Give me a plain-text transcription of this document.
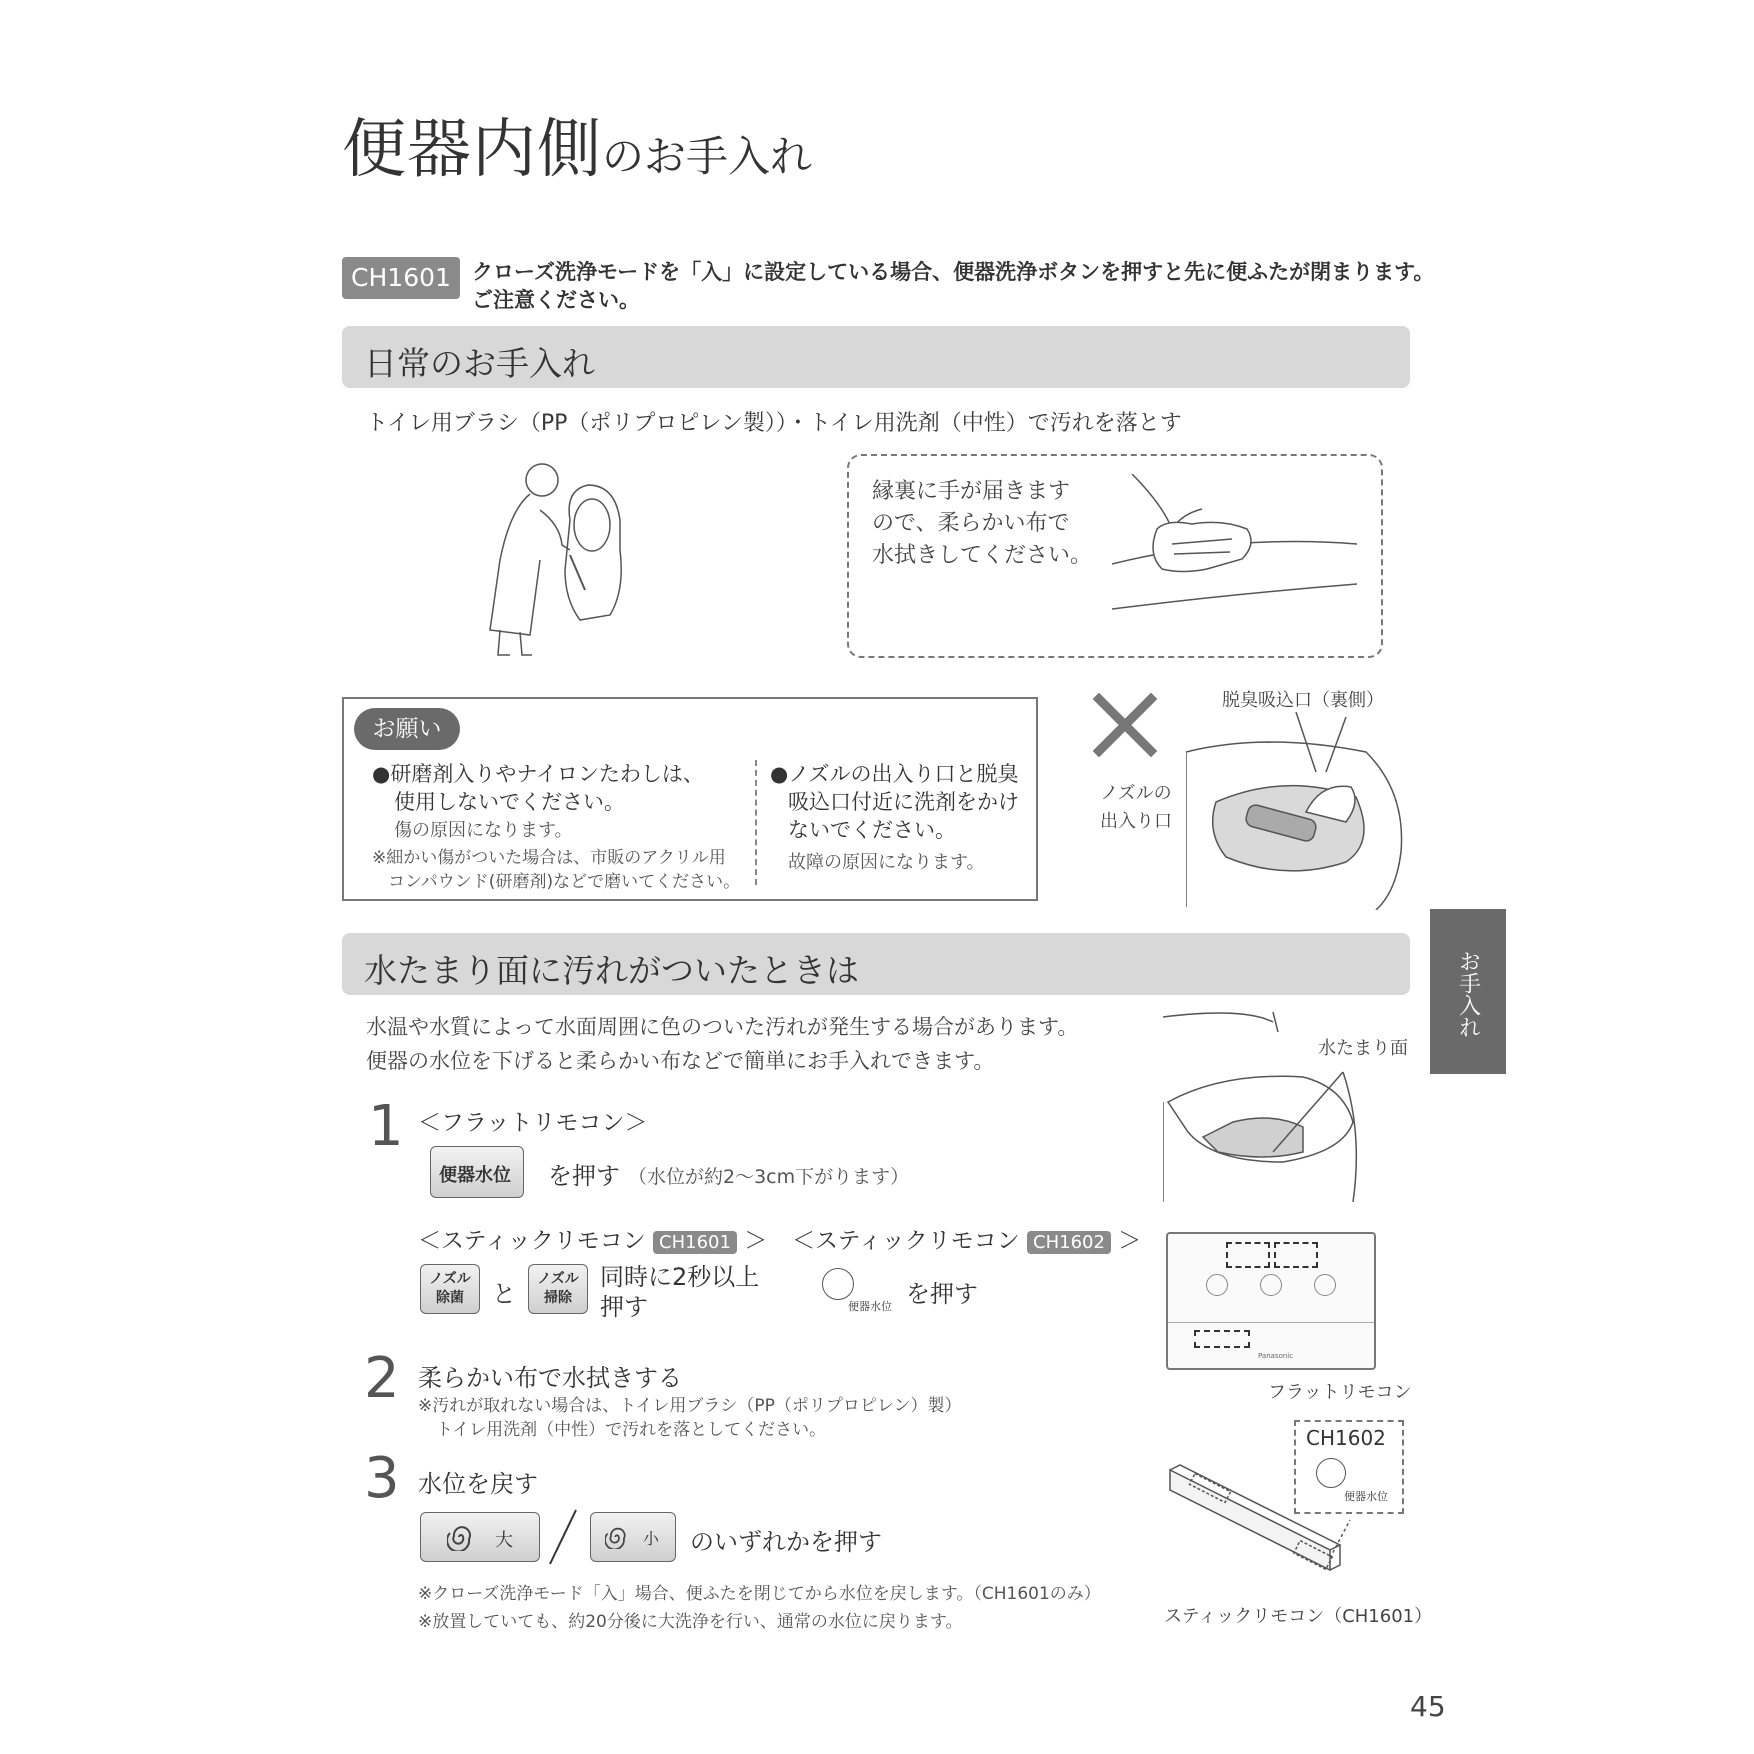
便器内側のお手入れ
CH1601	クローズ洗浄モードを「入」に設定している場合、便器洗浄ボタンを押すと先に便ふたが閉まります。
ご注意ください。
日常のお手入れ
トイレ用ブラシ（PP（ポリプロピレン製））・トイレ用洗剤（中性）で汚れを落とす
縁裏に手が届きます
ので、柔らかい布で
水拭きしてください。
お願い
●研磨剤入りやナイロンたわしは、
使用しないでください。
傷の原因になります。
※細かい傷がついた場合は、市販のアクリル用
コンパウンド(研磨剤)などで磨いてください。
●ノズルの出入り口と脱臭
吸込口付近に洗剤をかけ
ないでください。
故障の原因になります。
脱臭吸込口（裏側）
ノズルの
出入り口
お手入れ
水たまり面に汚れがついたときは
水温や水質によって水面周囲に色のついた汚れが発生する場合があります。
便器の水位を下げると柔らかい布などで簡単にお手入れできます。
水たまり面
1 ＜フラットリモコン＞
便器水位 を押す （水位が約2～3cm下がります）
＜スティックリモコン CH1601 ＞ ＜スティックリモコン CH1602 ＞
ノズル
除菌	と
ノズル
掃除
同時に2秒以上
押す	便器水位 を押す
2 柔らかい布で水拭きする
※汚れが取れない場合は、トイレ用ブラシ（PP（ポリプロピレン）製）
トイレ用洗剤（中性）で汚れを落としてください。
3 水位を戻す
大	小 のいずれかを押す
※クローズ洗浄モード「入」場合、便ふたを閉じてから水位を戻します。（CH1601のみ）
※放置していても、約20分後に大洗浄を行い、通常の水位に戻ります。
Panasonic
フラットリモコン
CH1602
便器水位
スティックリモコン（CH1601）
45
